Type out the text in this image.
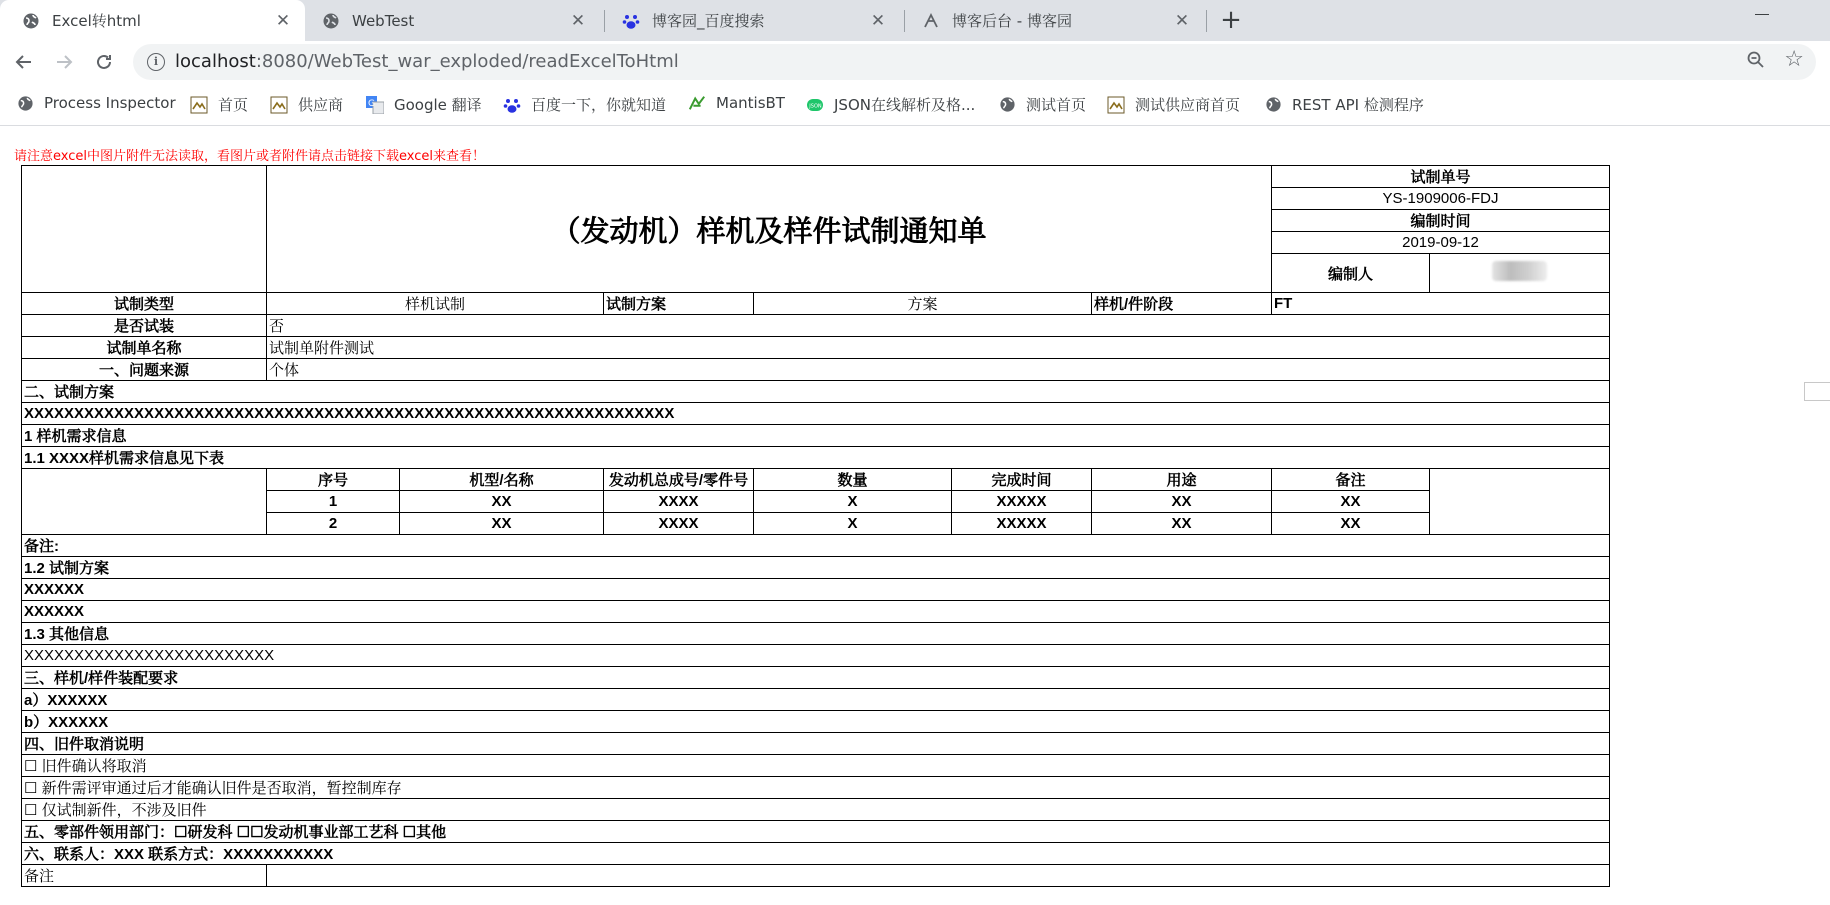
Excel转html	✕	WebTest	✕	博客园_百度搜索	✕	博客后台 - 博客园	✕ +
i localhost:8080/WebTest_war_exploded/readExcelToHtml	☆
Process Inspector	首页	供应商	G Google 翻译	百度一下，你就知道	MantisBT	JSON JSON在线解析及格...	测试首页	测试供应商首页	REST API 检测程序
请注意excel中图片附件无法读取，看图片或者附件请点击链接下载excel来查看！
	（发动机）样机及样件试制通知单						试制单号	
							YS-1909006-FDJ	
							编制时间	
							2019-09-12	
							编制人	
试制类型	样机试制		试制方案	方案		样机/件阶段	FT	
是否试装	否							
试制单名称	试制单附件测试							
一、问题来源	个体							
二、试制方案								
XXXXXXXXXXXXXXXXXXXXXXXXXXXXXXXXXXXXXXXXXXXXXXXXXXXXXXXXXXXXXXXXX								
1 样机需求信息								
1.1 XXXX样机需求信息见下表								
	序号	机型/名称	发动机总成号/零件号	数量	完成时间	用途	备注	
	1	XX	XXXX	X	XXXXX	XX	XX	
	2	XX	XXXX	X	XXXXX	XX	XX	
备注:								
1.2 试制方案								
XXXXXX								
XXXXXX								
1.3 其他信息								
XXXXXXXXXXXXXXXXXXXXXXXXX								
三、样机/样件装配要求								
a）XXXXXX								
b）XXXXXX								
四、旧件取消说明								
☐ 旧件确认将取消								
☐ 新件需评审通过后才能确认旧件是否取消，暂控制库存								
☐ 仅试制新件，不涉及旧件								
五、零部件领用部门：☐研发科 ☐☐发动机事业部工艺科 ☐其他								
六、联系人：XXX 联系方式：XXXXXXXXXXX								
备注								
